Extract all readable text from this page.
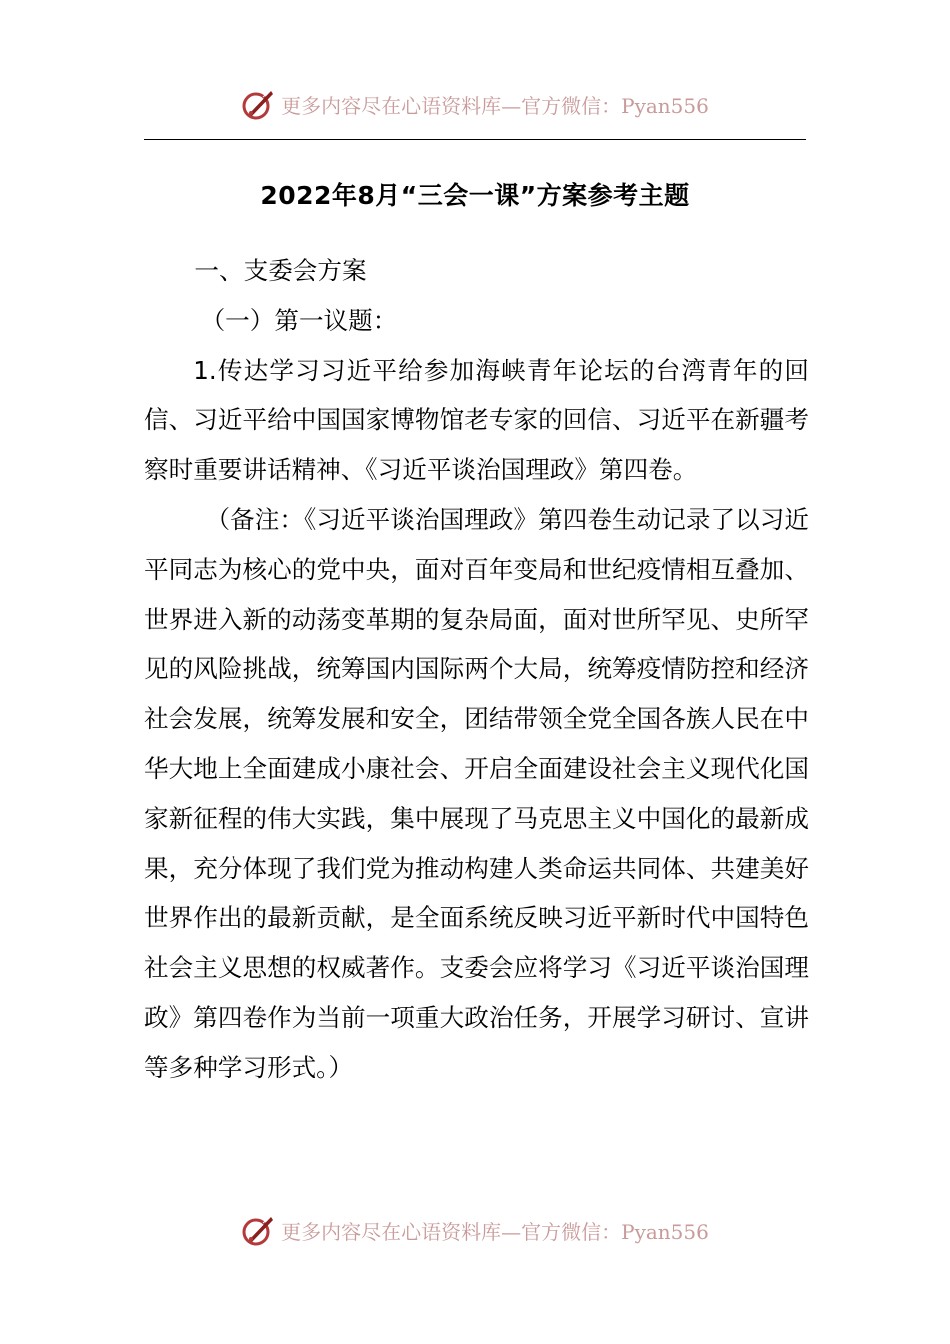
更多内容尽在心语资料库—官方微信：Pyan556
2022年8月“三会一课”方案参考主题

一、支委会方案

（一）第一议题：

1.传达学习习近平给参加海峡青年论坛的台湾青年的回信、习近平给中国国家博物馆老专家的回信、习近平在新疆考察时重要讲话精神、《习近平谈治国理政》第四卷。

（备注：《习近平谈治国理政》第四卷生动记录了以习近平同志为核心的党中央，面对百年变局和世纪疫情相互叠加、世界进入新的动荡变革期的复杂局面，面对世所罕见、史所罕见的风险挑战，统筹国内国际两个大局，统筹疫情防控和经济社会发展，统筹发展和安全，团结带领全党全国各族人民在中华大地上全面建成小康社会、开启全面建设社会主义现代化国家新征程的伟大实践，集中展现了马克思主义中国化的最新成果，充分体现了我们党为推动构建人类命运共同体、共建美好世界作出的最新贡献，是全面系统反映习近平新时代中国特色社会主义思想的权威著作。支委会应将学习《习近平谈治国理政》第四卷作为当前一项重大政治任务，开展学习研讨、宣讲等多种学习形式。）

更多内容尽在心语资料库—官方微信：Pyan556
